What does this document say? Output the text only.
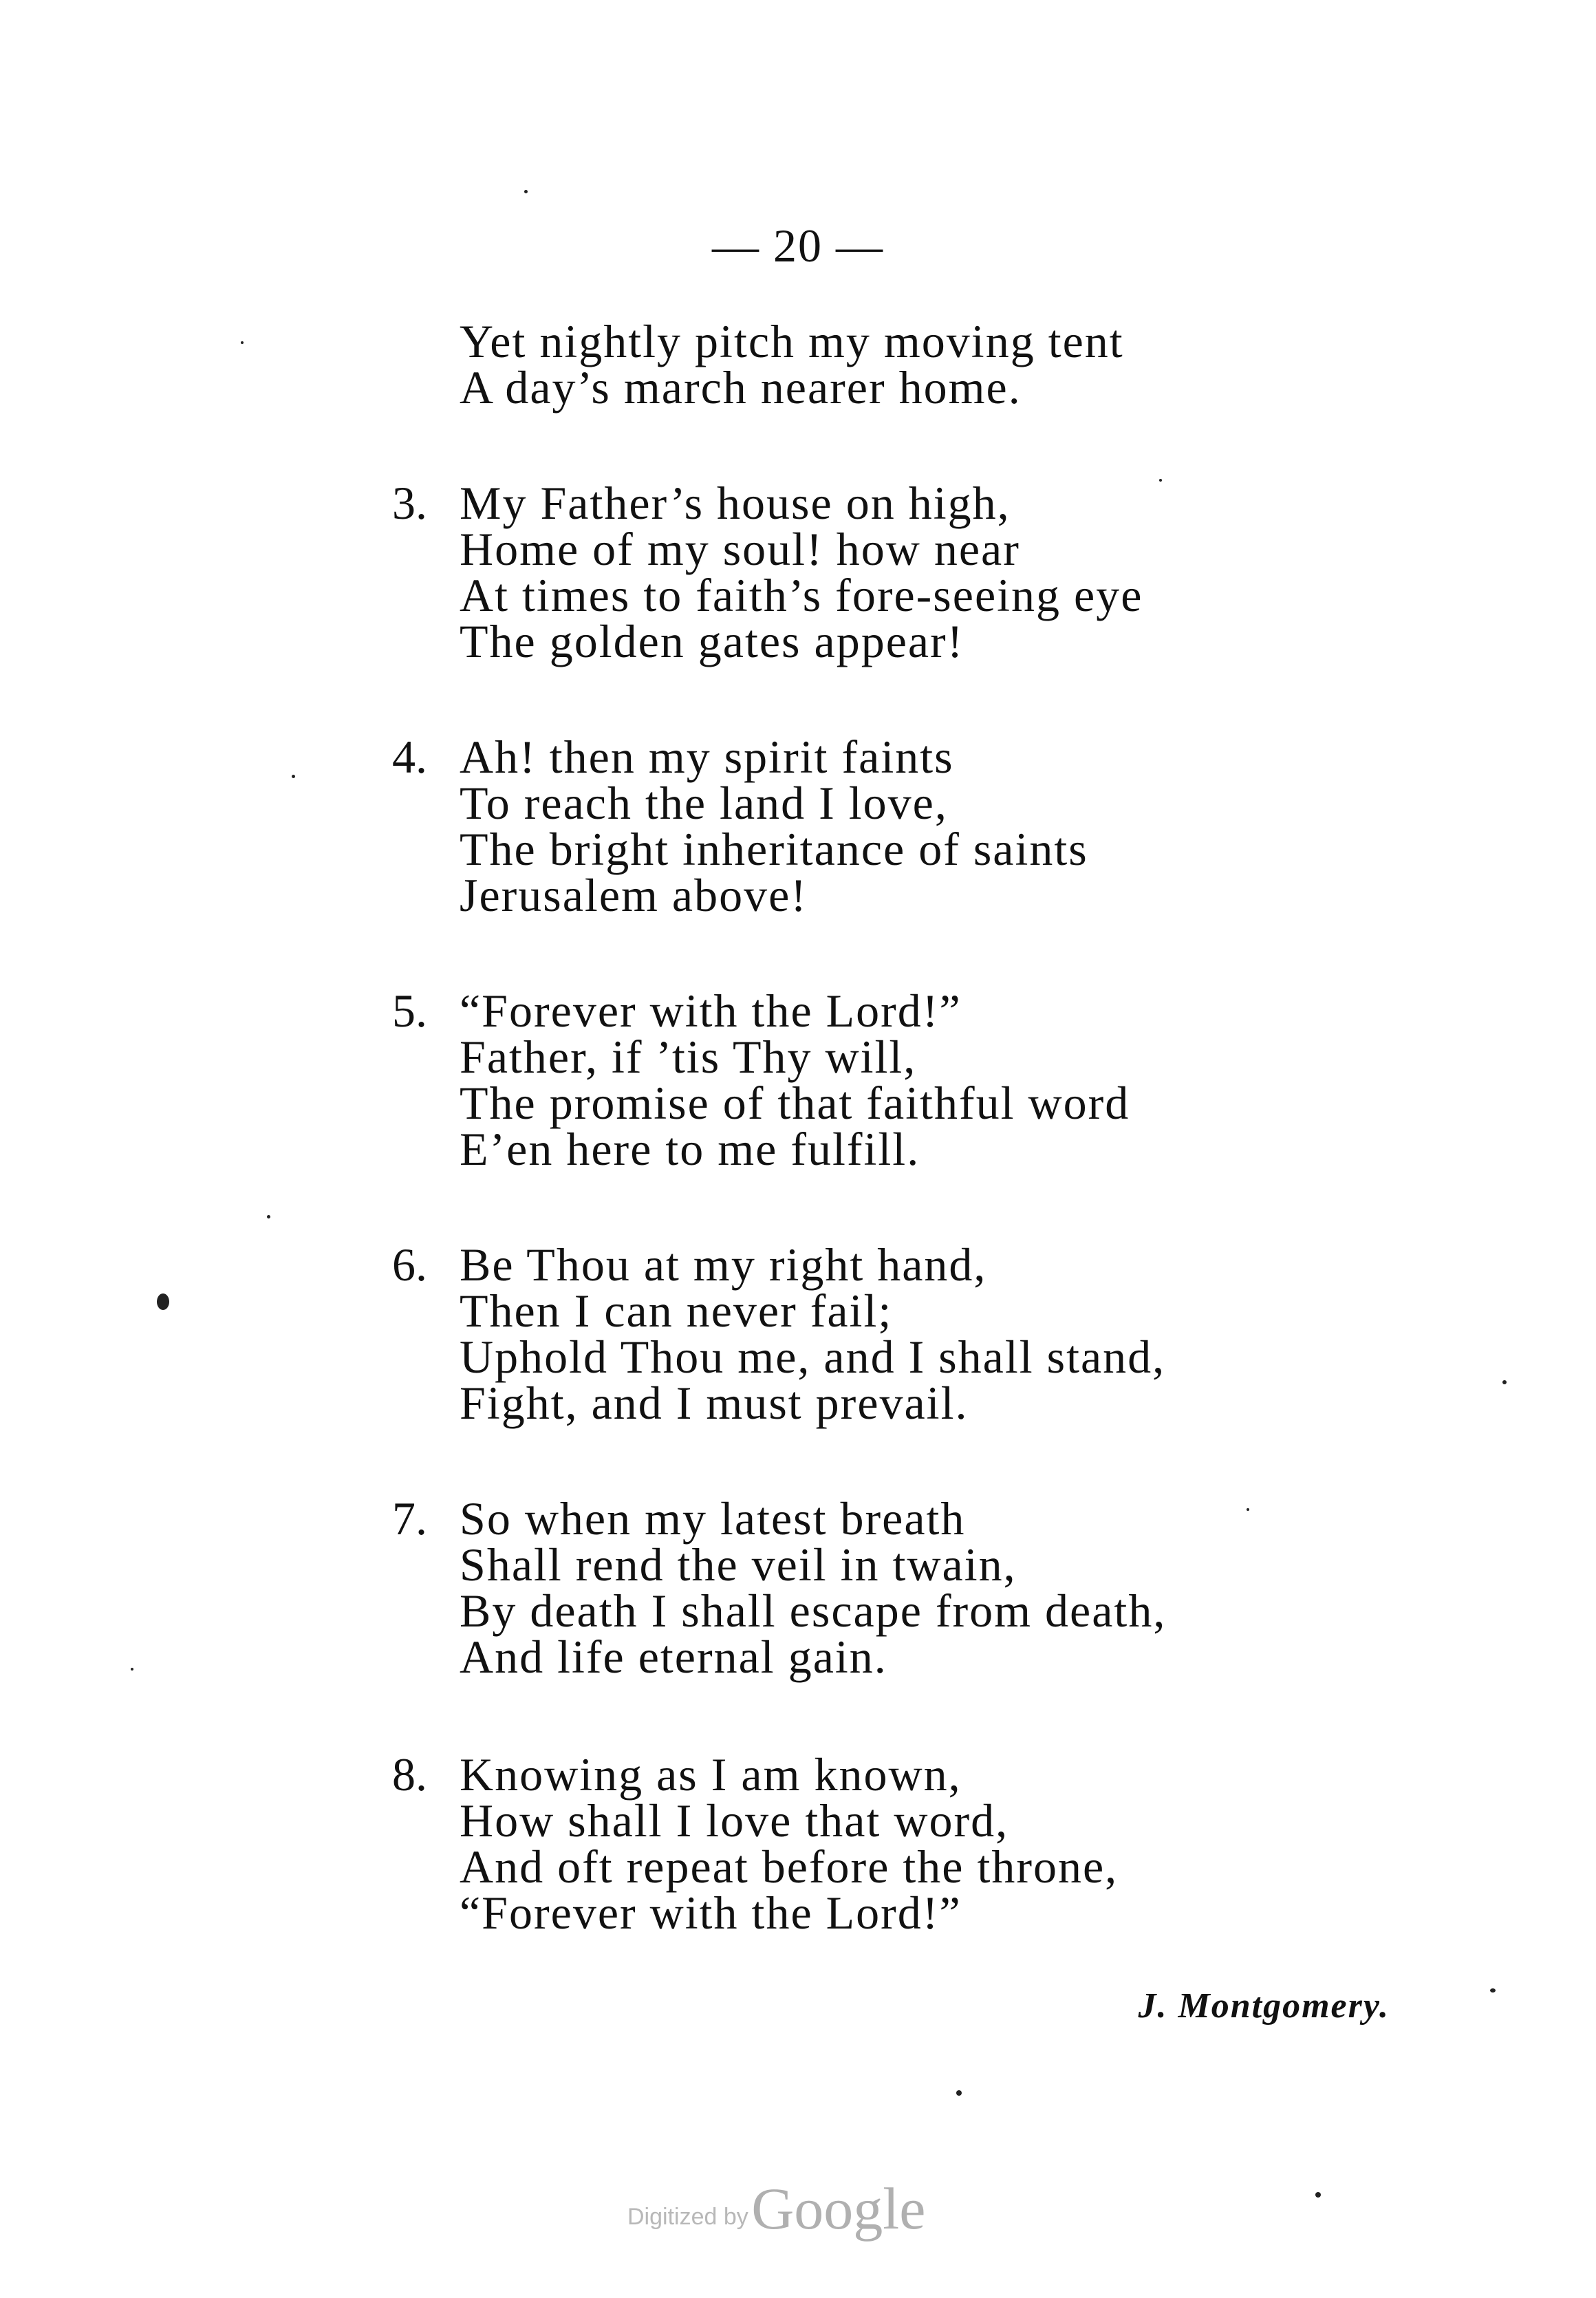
— 20 —
Yet nightly pitch my moving tent
A day’s march nearer home.
3. My Father’s house on high,
Home of my soul! how near
At times to faith’s fore-seeing eye
The golden gates appear!
4. Ah! then my spirit faints
To reach the land I love,
The bright inheritance of saints
Jerusalem above!
5. “Forever with the Lord!”
Father, if ’tis Thy will,
The promise of that faithful word
E’en here to me fulfill.
6. Be Thou at my right hand,
Then I can never fail;
Uphold Thou me, and I shall stand,
Fight, and I must prevail.
7. So when my latest breath
Shall rend the veil in twain,
By death I shall escape from death,
And life eternal gain.
8. Knowing as I am known,
How shall I love that word,
And oft repeat before the throne,
“Forever with the Lord!”
J. Montgomery.
Digitized by Google
